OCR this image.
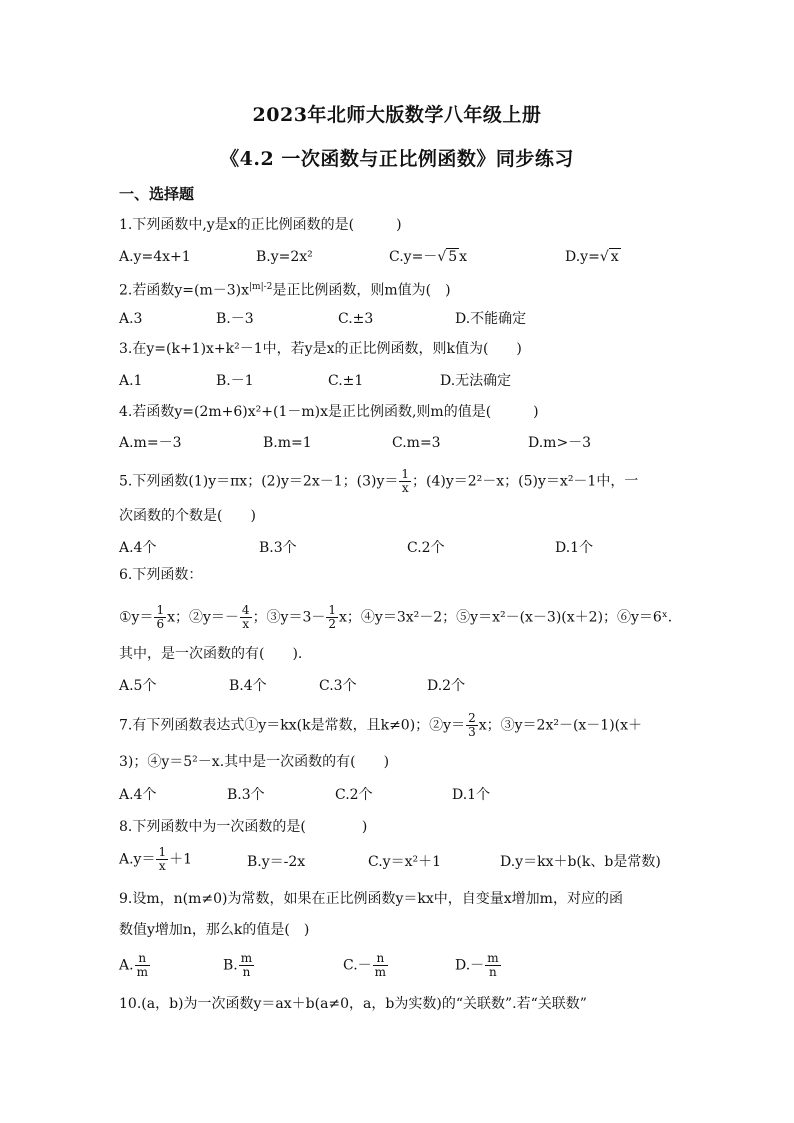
2023年北师大版数学八年级上册
《4.2 一次函数与正比例函数》同步练习
一、选择题
1.下列函数中,y是x的正比例函数的是(　　　)
A.y=4x+1	B.y=2x²	C.y=－√ 5 x	D.y=√ x
2.若函数$y=(m-3)x^{|m|-2}$是正比例函数，则m值为(　)
A.3	B.－3	C.±3	D.不能确定
3.在y=(k+1)x+k²－1中，若y是x的正比例函数，则k值为(　　)
A.1	B.－1	C.±1	D.无法确定
4.若函数y=(2m+6)x²+(1－m)x是正比例函数,则m的值是(　　　)
A.m=－3	B.m=1	C.m=3	D.m>－3
5.下列函数(1)y＝πx；(2)y＝2x－1；$(3)y= \frac{1}{x}$ ；(4)y＝2²－x；(5)y＝x²－1中，一
次函数的个数是(　　)
A.4个	B.3个	C.2个	D.1个
6.下列函数：
①y＝ $\frac{1}{6}$ x；②y＝－ $\frac{4}{x}$ ；③y＝3－ $\frac{1}{2}$ x；④y＝3x²－2；⑤y＝x²－(x－3)(x＋2)；⑥y＝6ˣ.
其中，是一次函数的有(　　).
A.5个	B.4个	C.3个	D.2个
7.有下列函数表达式①y＝kx(k是常数，且k≠0)；②y＝ $\frac{2}{3}$ x；③y＝2x²－(x－1)(x＋
3)；④y＝5²－x.其中是一次函数的有(　　)
A.4个	B.3个	C.2个	D.1个
8.下列函数中为一次函数的是(　　　　)
$A.y= \frac{1}{x} +1$	B.y＝-2x	C.y＝x²＋1	D.y＝kx＋b(k、b是常数)
9.设m，n(m≠0)为常数，如果在正比例函数y＝kx中，自变量x增加m，对应的函
数值y增加n，那么k的值是(　)
A. $\frac{n}{m}$	B. $\frac{m}{n}$	$C.- \frac{n}{m}$	$D.- \frac{m}{n}$
10.(a，b)为一次函数y＝ax＋b(a≠0，a，b为实数)的“关联数”.若“关联数”
